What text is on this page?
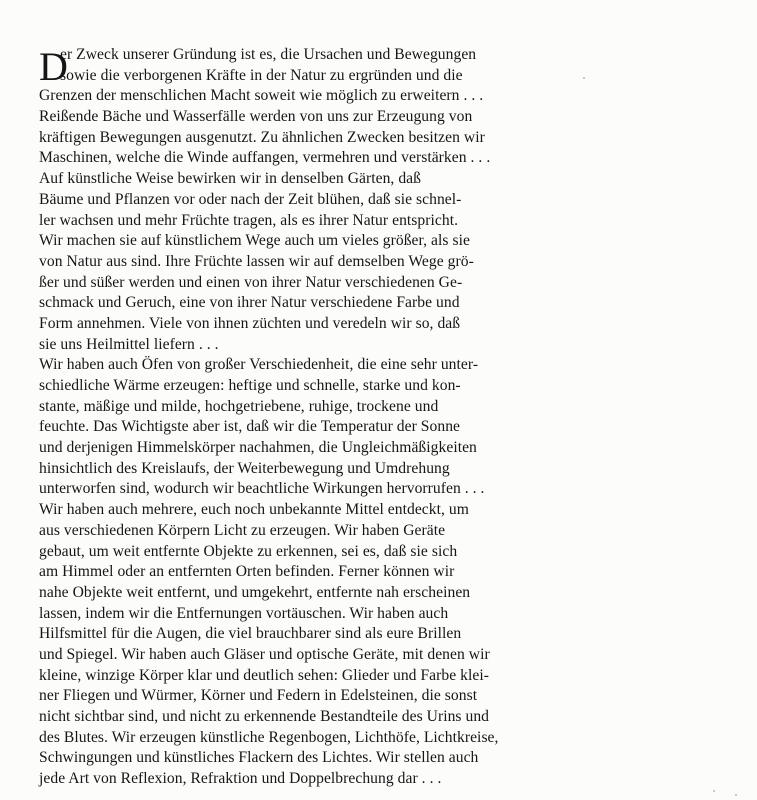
D
er Zweck unserer Gründung ist es, die Ursachen und Bewegungen
sowie die verborgenen Kräfte in der Natur zu ergründen und die
Grenzen der menschlichen Macht soweit wie möglich zu erweitern . . .
Reißende Bäche und Wasserfälle werden von uns zur Erzeugung von
kräftigen Bewegungen ausgenutzt. Zu ähnlichen Zwecken besitzen wir
Maschinen, welche die Winde auffangen, vermehren und verstärken . . .
Auf künstliche Weise bewirken wir in denselben Gärten, daß
Bäume und Pflanzen vor oder nach der Zeit blühen, daß sie schnel-
ler wachsen und mehr Früchte tragen, als es ihrer Natur entspricht.
Wir machen sie auf künstlichem Wege auch um vieles größer, als sie
von Natur aus sind. Ihre Früchte lassen wir auf demselben Wege grö-
ßer und süßer werden und einen von ihrer Natur verschiedenen Ge-
schmack und Geruch, eine von ihrer Natur verschiedene Farbe und
Form annehmen. Viele von ihnen züchten und veredeln wir so, daß
sie uns Heilmittel liefern . . .
Wir haben auch Öfen von großer Verschiedenheit, die eine sehr unter-
schiedliche Wärme erzeugen: heftige und schnelle, starke und kon-
stante, mäßige und milde, hochgetriebene, ruhige, trockene und
feuchte. Das Wichtigste aber ist, daß wir die Temperatur der Sonne
und derjenigen Himmelskörper nachahmen, die Ungleichmäßigkeiten
hinsichtlich des Kreislaufs, der Weiterbewegung und Umdrehung
unterworfen sind, wodurch wir beachtliche Wirkungen hervorrufen . . .
Wir haben auch mehrere, euch noch unbekannte Mittel entdeckt, um
aus verschiedenen Körpern Licht zu erzeugen. Wir haben Geräte
gebaut, um weit entfernte Objekte zu erkennen, sei es, daß sie sich
am Himmel oder an entfernten Orten befinden. Ferner können wir
nahe Objekte weit entfernt, und umgekehrt, entfernte nah erscheinen
lassen, indem wir die Entfernungen vortäuschen. Wir haben auch
Hilfsmittel für die Augen, die viel brauchbarer sind als eure Brillen
und Spiegel. Wir haben auch Gläser und optische Geräte, mit denen wir
kleine, winzige Körper klar und deutlich sehen: Glieder und Farbe klei-
ner Fliegen und Würmer, Körner und Federn in Edelsteinen, die sonst
nicht sichtbar sind, und nicht zu erkennende Bestandteile des Urins und
des Blutes. Wir erzeugen künstliche Regenbogen, Lichthöfe, Lichtkreise,
Schwingungen und künstliches Flackern des Lichtes. Wir stellen auch
jede Art von Reflexion, Refraktion und Doppelbrechung dar . . .
